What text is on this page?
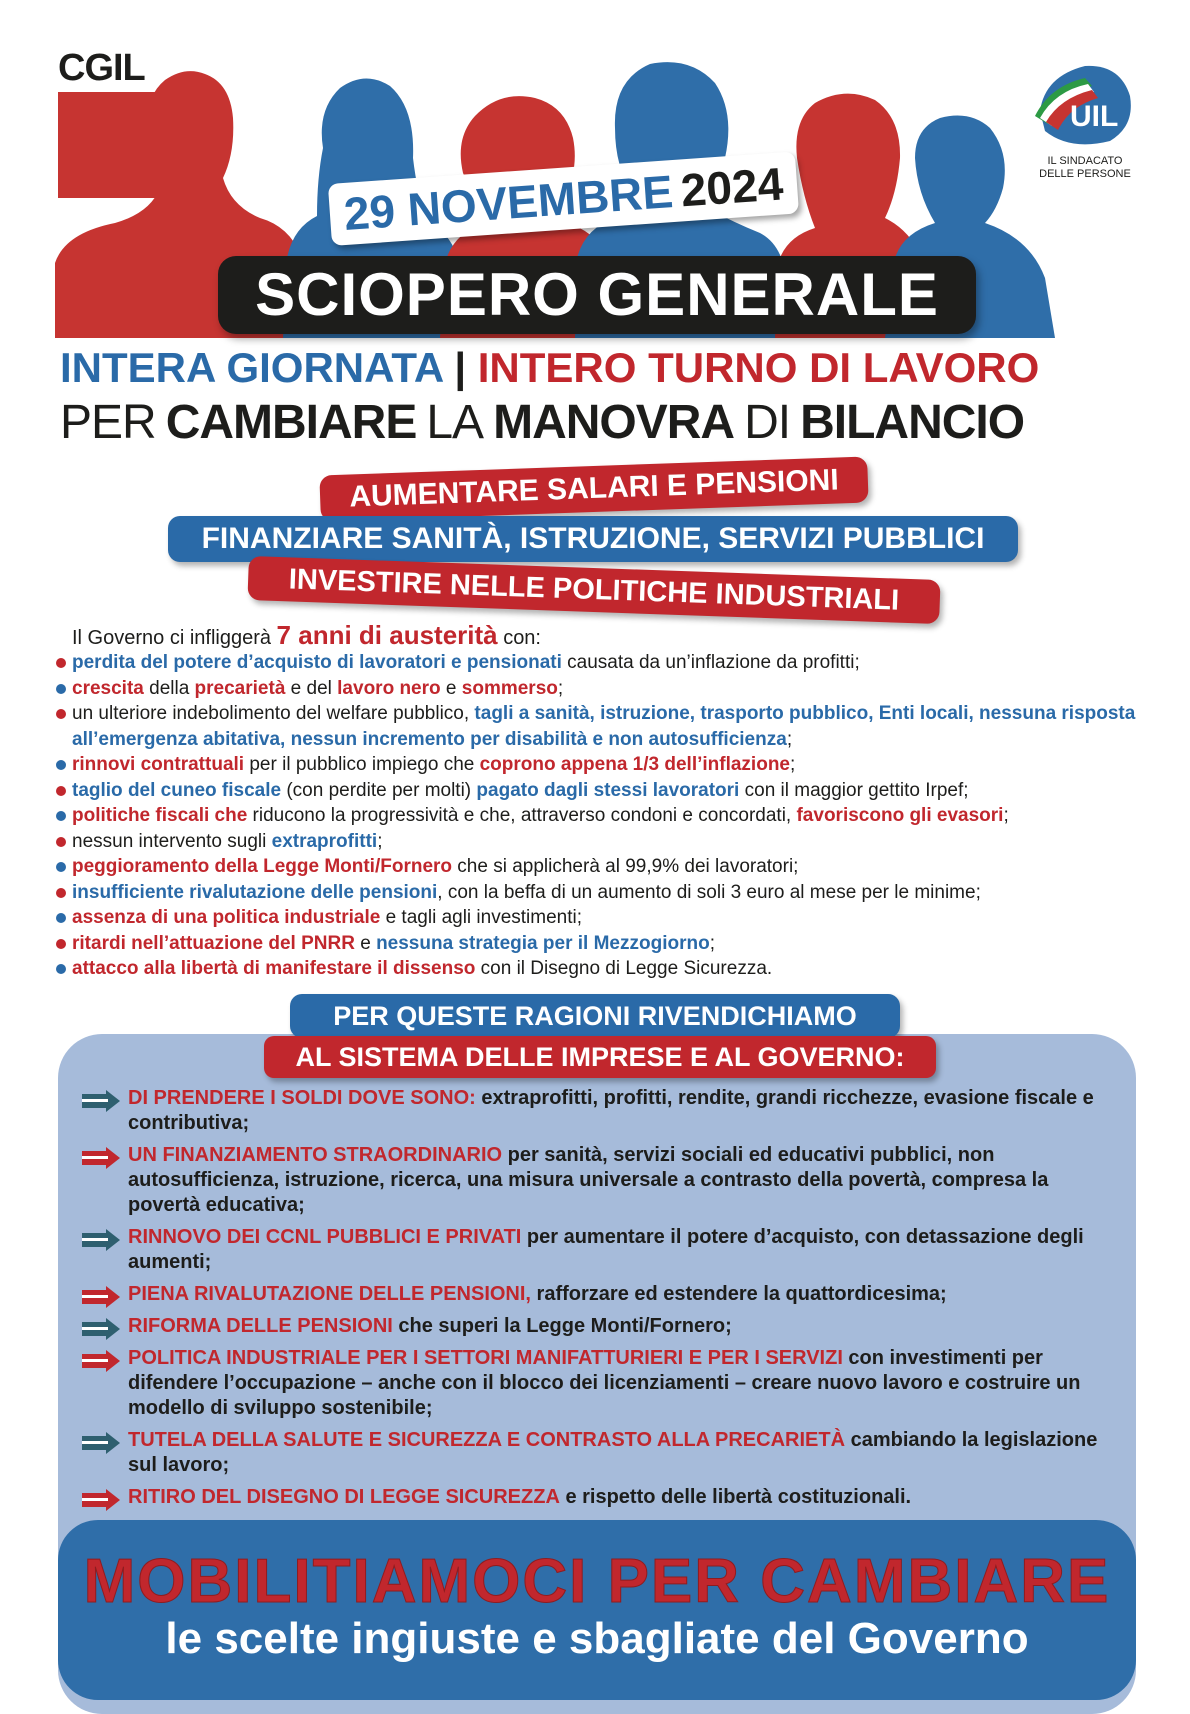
CGIL
UIL
IL SINDACATO
DELLE PERSONE
29 NOVEMBRE2024
SCIOPERO GENERALE
INTERA GIORNATA | INTERO TURNO DI LAVORO
PER CAMBIARE LA MANOVRA DI BILANCIO
AUMENTARE SALARI E PENSIONI
FINANZIARE SANITÀ, ISTRUZIONE, SERVIZI PUBBLICI
INVESTIRE NELLE POLITICHE INDUSTRIALI
Il Governo ci infliggerà 7 anni di austerità con:
perdita del potere d’acquisto di lavoratori e pensionati causata da un’inflazione da profitti;
crescita della precarietà e del lavoro nero e sommerso;
un ulteriore indebolimento del welfare pubblico, tagli a sanità, istruzione, trasporto pubblico, Enti locali, nessuna risposta all’emergenza abitativa, nessun incremento per disabilità e non autosufficienza;
rinnovi contrattuali per il pubblico impiego che coprono appena 1/3 dell’inflazione;
taglio del cuneo fiscale (con perdite per molti) pagato dagli stessi lavoratori con il maggior gettito Irpef;
politiche fiscali che riducono la progressività e che, attraverso condoni e concordati, favoriscono gli evasori;
nessun intervento sugli extraprofitti;
peggioramento della Legge Monti/Fornero che si applicherà al 99,9% dei lavoratori;
insufficiente rivalutazione delle pensioni, con la beffa di un aumento di soli 3 euro al mese per le minime;
assenza di una politica industriale e tagli agli investimenti;
ritardi nell’attuazione del PNRR e nessuna strategia per il Mezzogiorno;
attacco alla libertà di manifestare il dissenso con il Disegno di Legge Sicurezza.
PER QUESTE RAGIONI RIVENDICHIAMO
AL SISTEMA DELLE IMPRESE E AL GOVERNO:
DI PRENDERE I SOLDI DOVE SONO: extraprofitti, profitti, rendite, grandi ricchezze, evasione fiscale e contributiva;
UN FINANZIAMENTO STRAORDINARIO per sanità, servizi sociali ed educativi pubblici, non autosufficienza, istruzione, ricerca, una misura universale a contrasto della povertà, compresa la povertà educativa;
RINNOVO DEI CCNL PUBBLICI E PRIVATI per aumentare il potere d’acquisto, con detassazione degli aumenti;
PIENA RIVALUTAZIONE DELLE PENSIONI, rafforzare ed estendere la quattordicesima;
RIFORMA DELLE PENSIONI che superi la Legge Monti/Fornero;
POLITICA INDUSTRIALE PER I SETTORI MANIFATTURIERI E PER I SERVIZI con investimenti per difendere l’occupazione – anche con il blocco dei licenziamenti – creare nuovo lavoro e costruire un modello di sviluppo sostenibile;
TUTELA DELLA SALUTE E SICUREZZA E CONTRASTO ALLA PRECARIETÀ cambiando la legislazione sul lavoro;
RITIRO DEL DISEGNO DI LEGGE SICUREZZA e rispetto delle libertà costituzionali.
MOBILITIAMOCI PER CAMBIARE
le scelte ingiuste e sbagliate del Governo
